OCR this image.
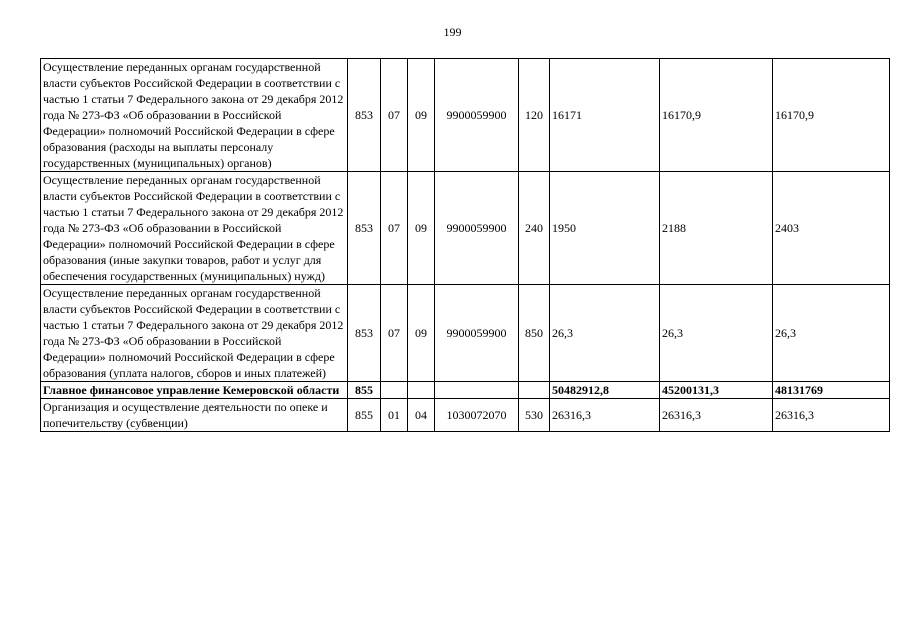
199
Осуществление переданных органам государственной власти субъектов Российской Федерации в соответствии с частью 1 статьи 7 Федерального закона от 29 декабря 2012 года № 273-ФЗ «Об образовании в Российской Федерации» полномочий Российской Федерации в сфере образования (расходы на выплаты персоналу государственных (муниципальных) органов)	853	07	09	9900059900	120	16171	16170,9	16170,9
Осуществление переданных органам государственной власти субъектов Российской Федерации в соответствии с частью 1 статьи 7 Федерального закона от 29 декабря 2012 года № 273-ФЗ «Об образовании в Российской Федерации» полномочий Российской Федерации в сфере образования (иные закупки товаров, работ и услуг для обеспечения государственных (муниципальных) нужд)	853	07	09	9900059900	240	1950	2188	2403
Осуществление переданных органам государственной власти субъектов Российской Федерации в соответствии с частью 1 статьи 7 Федерального закона от 29 декабря 2012 года № 273-ФЗ «Об образовании в Российской Федерации» полномочий Российской Федерации в сфере образования (уплата налогов, сборов и иных платежей)	853	07	09	9900059900	850	26,3	26,3	26,3
Главное финансовое управление Кемеровской области	855					50482912,8	45200131,3	48131769
Организация и осуществление деятельности по опеке и попечительству (субвенции)	855	01	04	1030072070	530	26316,3	26316,3	26316,3
